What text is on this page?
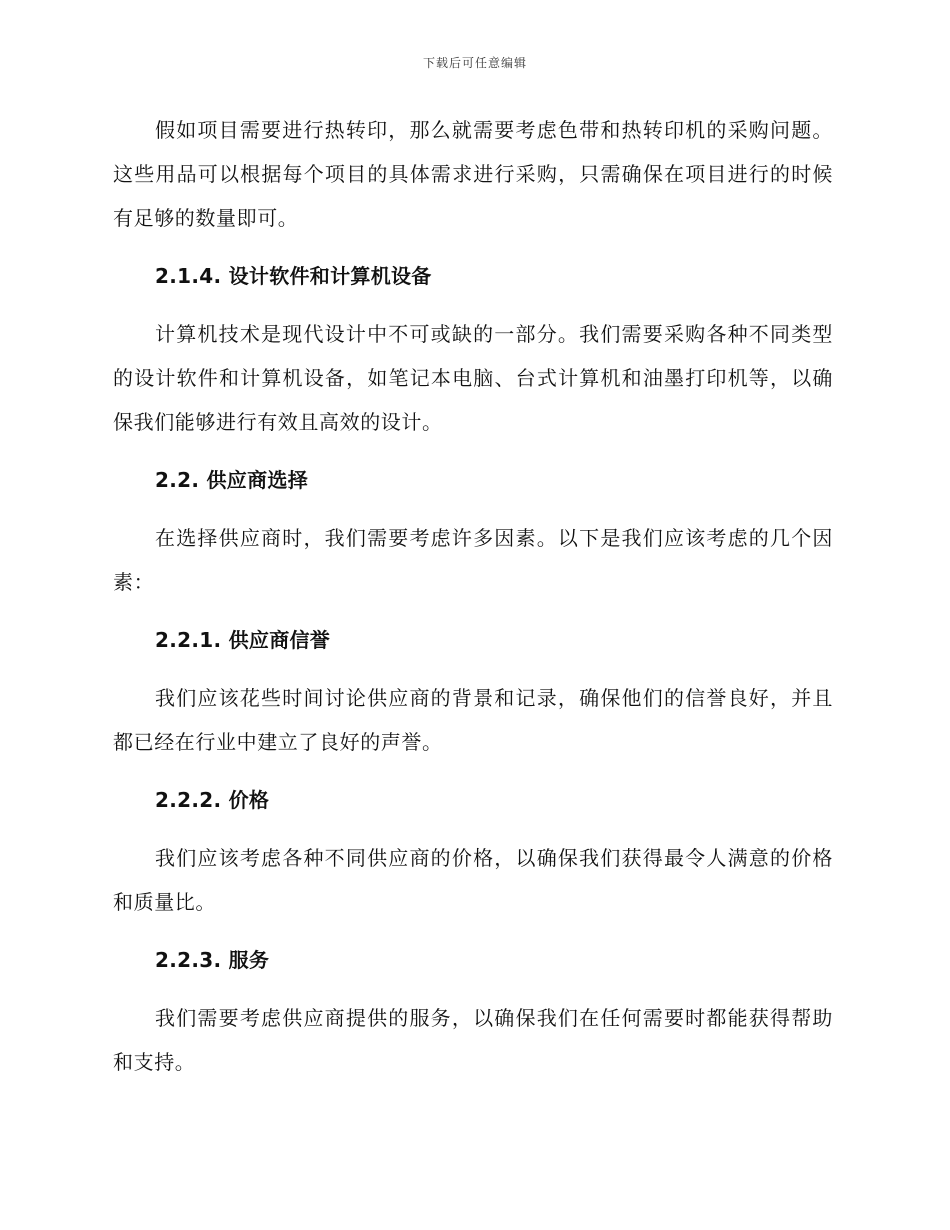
下载后可任意编辑

假如项目需要进行热转印，那么就需要考虑色带和热转印机的采购问题。这些用品可以根据每个项目的具体需求进行采购，只需确保在项目进行的时候有足够的数量即可。

2.1.4. 设计软件和计算机设备

计算机技术是现代设计中不可或缺的一部分。我们需要采购各种不同类型的设计软件和计算机设备，如笔记本电脑、台式计算机和油墨打印机等，以确保我们能够进行有效且高效的设计。

2.2. 供应商选择

在选择供应商时，我们需要考虑许多因素。以下是我们应该考虑的几个因素：

2.2.1. 供应商信誉

我们应该花些时间讨论供应商的背景和记录，确保他们的信誉良好，并且都已经在行业中建立了良好的声誉。

2.2.2. 价格

我们应该考虑各种不同供应商的价格，以确保我们获得最令人满意的价格和质量比。

2.2.3. 服务

我们需要考虑供应商提供的服务，以确保我们在任何需要时都能获得帮助和支持。
